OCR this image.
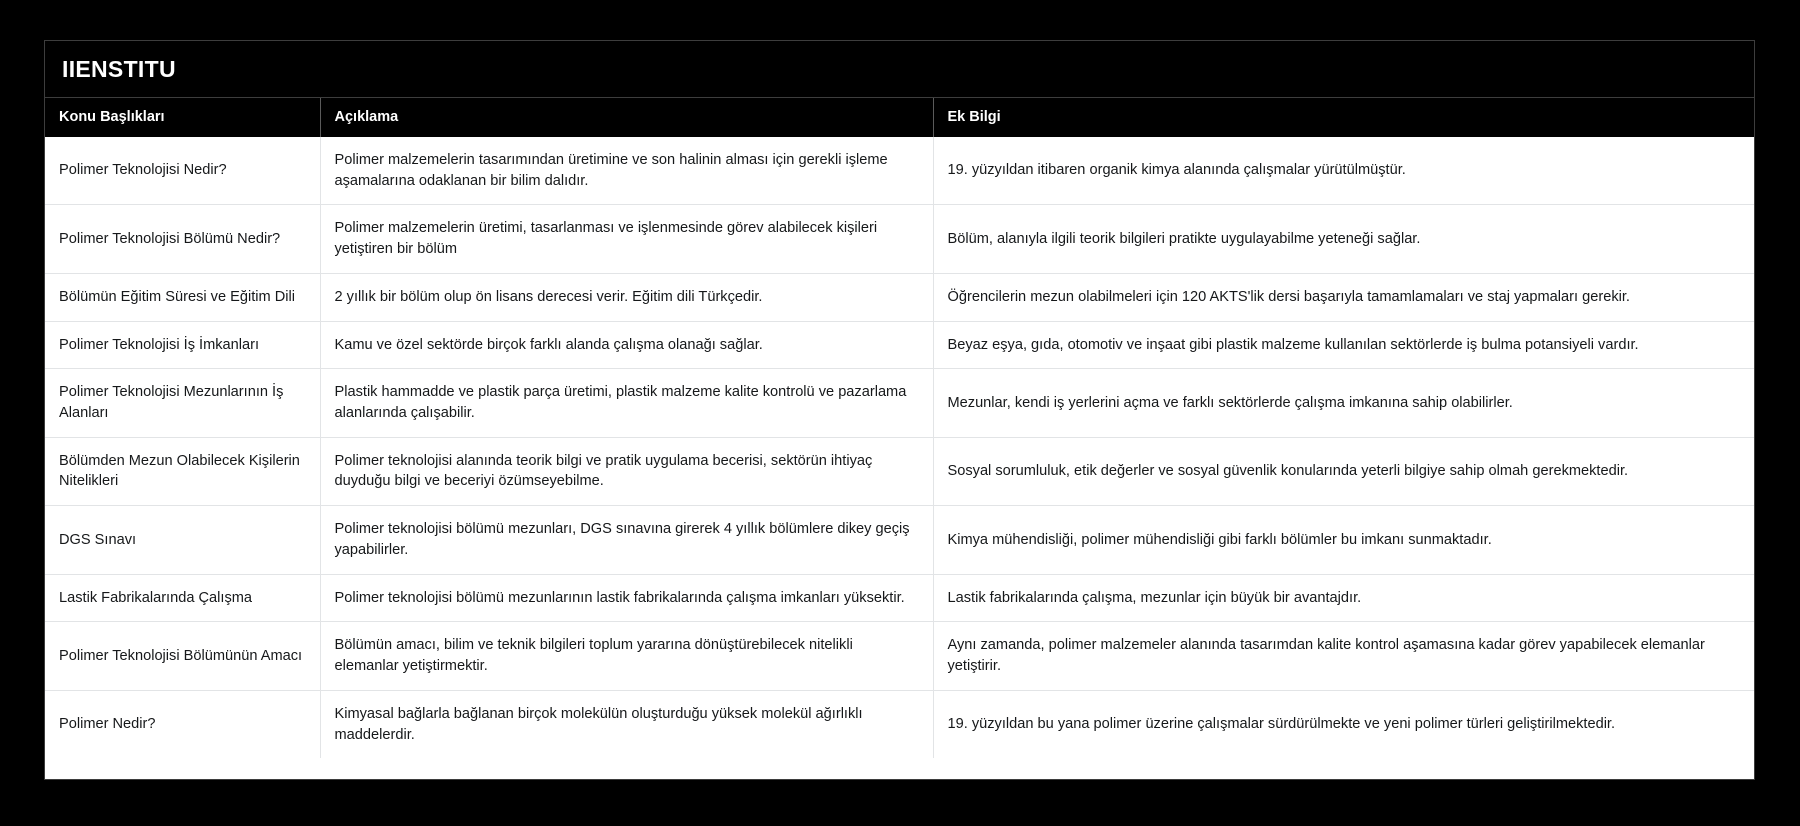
IIENSTITU
Konu Başlıkları	Açıklama	Ek Bilgi
Polimer Teknolojisi Nedir?	Polimer malzemelerin tasarımından üretimine ve son halinin alması için gerekli işleme aşamalarına odaklanan bir bilim dalıdır.	19. yüzyıldan itibaren organik kimya alanında çalışmalar yürütülmüştür.
Polimer Teknolojisi Bölümü Nedir?	Polimer malzemelerin üretimi, tasarlanması ve işlenmesinde görev alabilecek kişileri yetiştiren bir bölüm	Bölüm, alanıyla ilgili teorik bilgileri pratikte uygulayabilme yeteneği sağlar.
Bölümün Eğitim Süresi ve Eğitim Dili	2 yıllık bir bölüm olup ön lisans derecesi verir. Eğitim dili Türkçedir.	Öğrencilerin mezun olabilmeleri için 120 AKTS'lik dersi başarıyla tamamlamaları ve staj yapmaları gerekir.
Polimer Teknolojisi İş İmkanları	Kamu ve özel sektörde birçok farklı alanda çalışma olanağı sağlar.	Beyaz eşya, gıda, otomotiv ve inşaat gibi plastik malzeme kullanılan sektörlerde iş bulma potansiyeli vardır.
Polimer Teknolojisi Mezunlarının İş Alanları	Plastik hammadde ve plastik parça üretimi, plastik malzeme kalite kontrolü ve pazarlama alanlarında çalışabilir.	Mezunlar, kendi iş yerlerini açma ve farklı sektörlerde çalışma imkanına sahip olabilirler.
Bölümden Mezun Olabilecek Kişilerin Nitelikleri	Polimer teknolojisi alanında teorik bilgi ve pratik uygulama becerisi, sektörün ihtiyaç duyduğu bilgi ve beceriyi özümseyebilme.	Sosyal sorumluluk, etik değerler ve sosyal güvenlik konularında yeterli bilgiye sahip olmah gerekmektedir.
DGS Sınavı	Polimer teknolojisi bölümü mezunları, DGS sınavına girerek 4 yıllık bölümlere dikey geçiş yapabilirler.	Kimya mühendisliği, polimer mühendisliği gibi farklı bölümler bu imkanı sunmaktadır.
Lastik Fabrikalarında Çalışma	Polimer teknolojisi bölümü mezunlarının lastik fabrikalarında çalışma imkanları yüksektir.	Lastik fabrikalarında çalışma, mezunlar için büyük bir avantajdır.
Polimer Teknolojisi Bölümünün Amacı	Bölümün amacı, bilim ve teknik bilgileri toplum yararına dönüştürebilecek nitelikli elemanlar yetiştirmektir.	Aynı zamanda, polimer malzemeler alanında tasarımdan kalite kontrol aşamasına kadar görev yapabilecek elemanlar yetiştirir.
Polimer Nedir?	Kimyasal bağlarla bağlanan birçok molekülün oluşturduğu yüksek molekül ağırlıklı maddelerdir.	19. yüzyıldan bu yana polimer üzerine çalışmalar sürdürülmekte ve yeni polimer türleri geliştirilmektedir.
